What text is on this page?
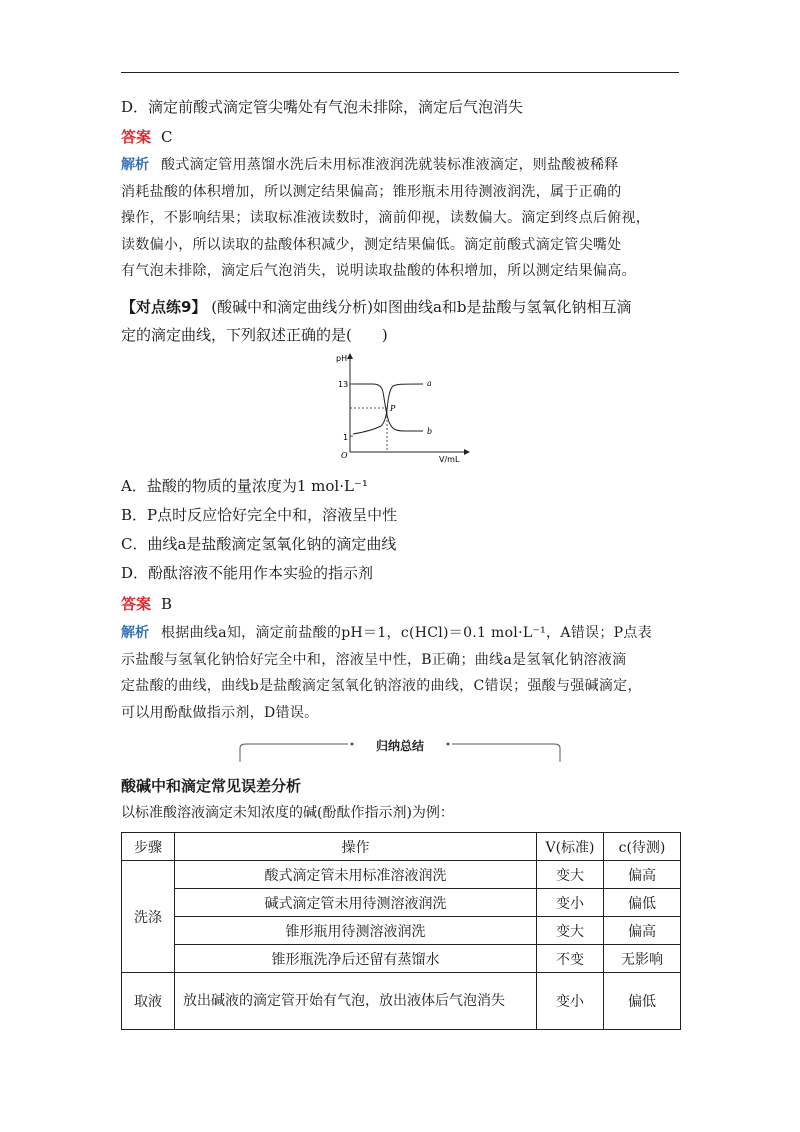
D．滴定前酸式滴定管尖嘴处有气泡未排除，滴定后气泡消失
答案 C
解析 酸式滴定管用蒸馏水洗后未用标准液润洗就装标准液滴定，则盐酸被稀释
消耗盐酸的体积增加，所以测定结果偏高；锥形瓶未用待测液润洗，属于正确的
操作，不影响结果；读取标准液读数时，滴前仰视，读数偏大。滴定到终点后俯视，
读数偏小，所以读取的盐酸体积减少，测定结果偏低。滴定前酸式滴定管尖嘴处
有气泡未排除，滴定后气泡消失，说明读取盐酸的体积增加，所以测定结果偏高。
【对点练9】 (酸碱中和滴定曲线分析)如图曲线a和b是盐酸与氢氧化钠相互滴
定的滴定曲线，下列叙述正确的是(　　)
pH
V/mL
O
13
1
P
a
b
A．盐酸的物质的量浓度为1 mol·L⁻¹
B．P点时反应恰好完全中和，溶液呈中性
C．曲线a是盐酸滴定氢氧化钠的滴定曲线
D．酚酞溶液不能用作本实验的指示剂
答案 B
解析 根据曲线a知，滴定前盐酸的pH＝1，c(HCl)＝0.1 mol·L⁻¹，A错误；P点表
示盐酸与氢氧化钠恰好完全中和，溶液呈中性，B正确；曲线a是氢氧化钠溶液滴
定盐酸的曲线，曲线b是盐酸滴定氢氧化钠溶液的曲线，C错误；强酸与强碱滴定，
可以用酚酞做指示剂，D错误。
归纳总结
酸碱中和滴定常见误差分析
以标准酸溶液滴定未知浓度的碱(酚酞作指示剂)为例：
步骤	操作	V(标准)	c(待测)
洗涤	酸式滴定管未用标准溶液润洗	变大	偏高
	碱式滴定管未用待测溶液润洗	变小	偏低
	锥形瓶用待测溶液润洗	变大	偏高
	锥形瓶洗净后还留有蒸馏水	不变	无影响
取液	放出碱液的滴定管开始有气泡，放出液体后气泡消失	变小	偏低
